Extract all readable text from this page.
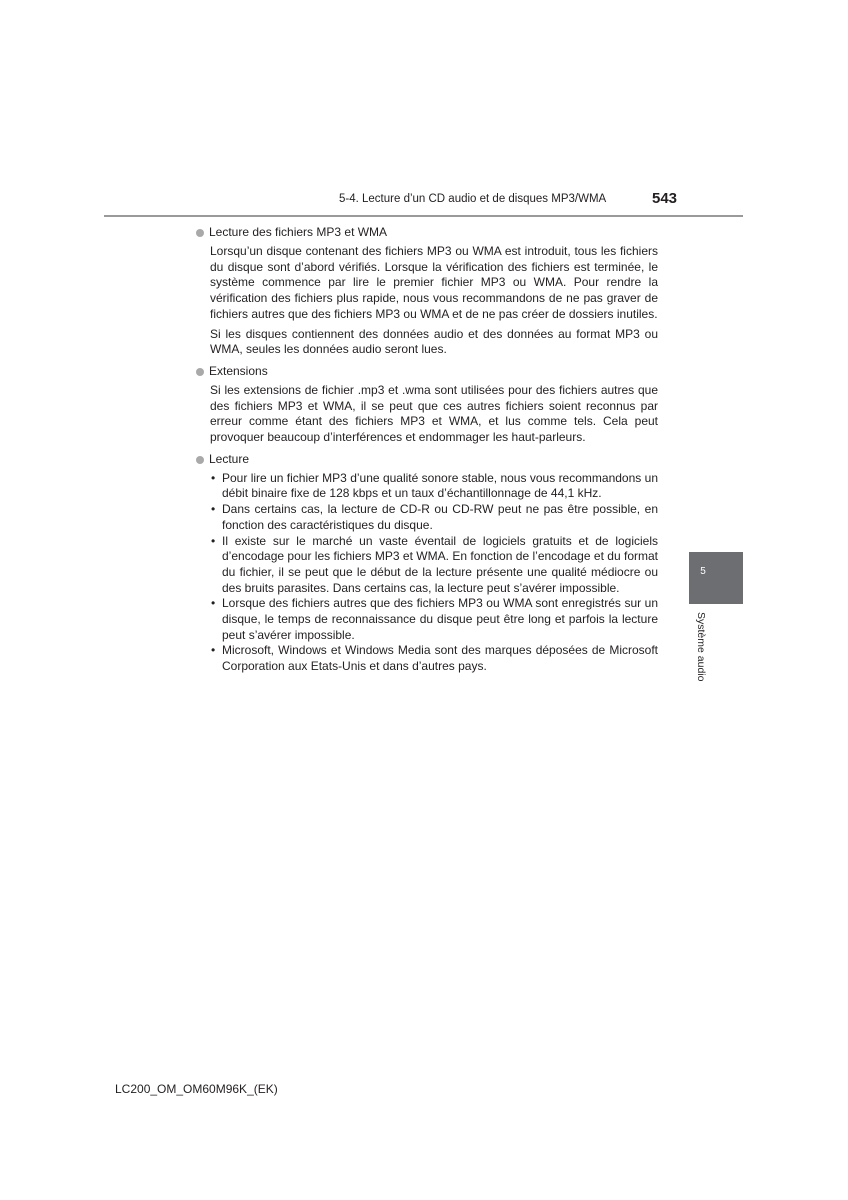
5-4. Lecture d’un CD audio et de disques MP3/WMA	543
Lecture des fichiers MP3 et WMA

Lorsqu’un disque contenant des fichiers MP3 ou WMA est introduit, tous les fichiers du disque sont d’abord vérifiés. Lorsque la vérification des fichiers est terminée, le système commence par lire le premier fichier MP3 ou WMA. Pour rendre la vérification des fichiers plus rapide, nous vous recommandons de ne pas graver de fichiers autres que des fichiers MP3 ou WMA et de ne pas créer de dossiers inutiles.

Si les disques contiennent des données audio et des données au format MP3 ou WMA, seules les données audio seront lues.

Extensions

Si les extensions de fichier .mp3 et .wma sont utilisées pour des fichiers autres que des fichiers MP3 et WMA, il se peut que ces autres fichiers soient reconnus par erreur comme étant des fichiers MP3 et WMA, et lus comme tels. Cela peut provoquer beaucoup d’interférences et endommager les haut-parleurs.

Lecture
• Pour lire un fichier MP3 d’une qualité sonore stable, nous vous recommandons un débit binaire fixe de 128 kbps et un taux d’échantillonnage de 44,1 kHz.
• Dans certains cas, la lecture de CD-R ou CD-RW peut ne pas être possible, en fonction des caractéristiques du disque.
• Il existe sur le marché un vaste éventail de logiciels gratuits et de logiciels d’encodage pour les fichiers MP3 et WMA. En fonction de l’encodage et du format du fichier, il se peut que le début de la lecture présente une qualité médiocre ou des bruits parasites. Dans certains cas, la lecture peut s’avérer impossible.
• Lorsque des fichiers autres que des fichiers MP3 ou WMA sont enregistrés sur un disque, le temps de reconnaissance du disque peut être long et parfois la lecture peut s’avérer impossible.
• Microsoft, Windows et Windows Media sont des marques déposées de Microsoft Corporation aux Etats-Unis et dans d’autres pays.
5
Système audio
LC200_OM_OM60M96K_(EK)
